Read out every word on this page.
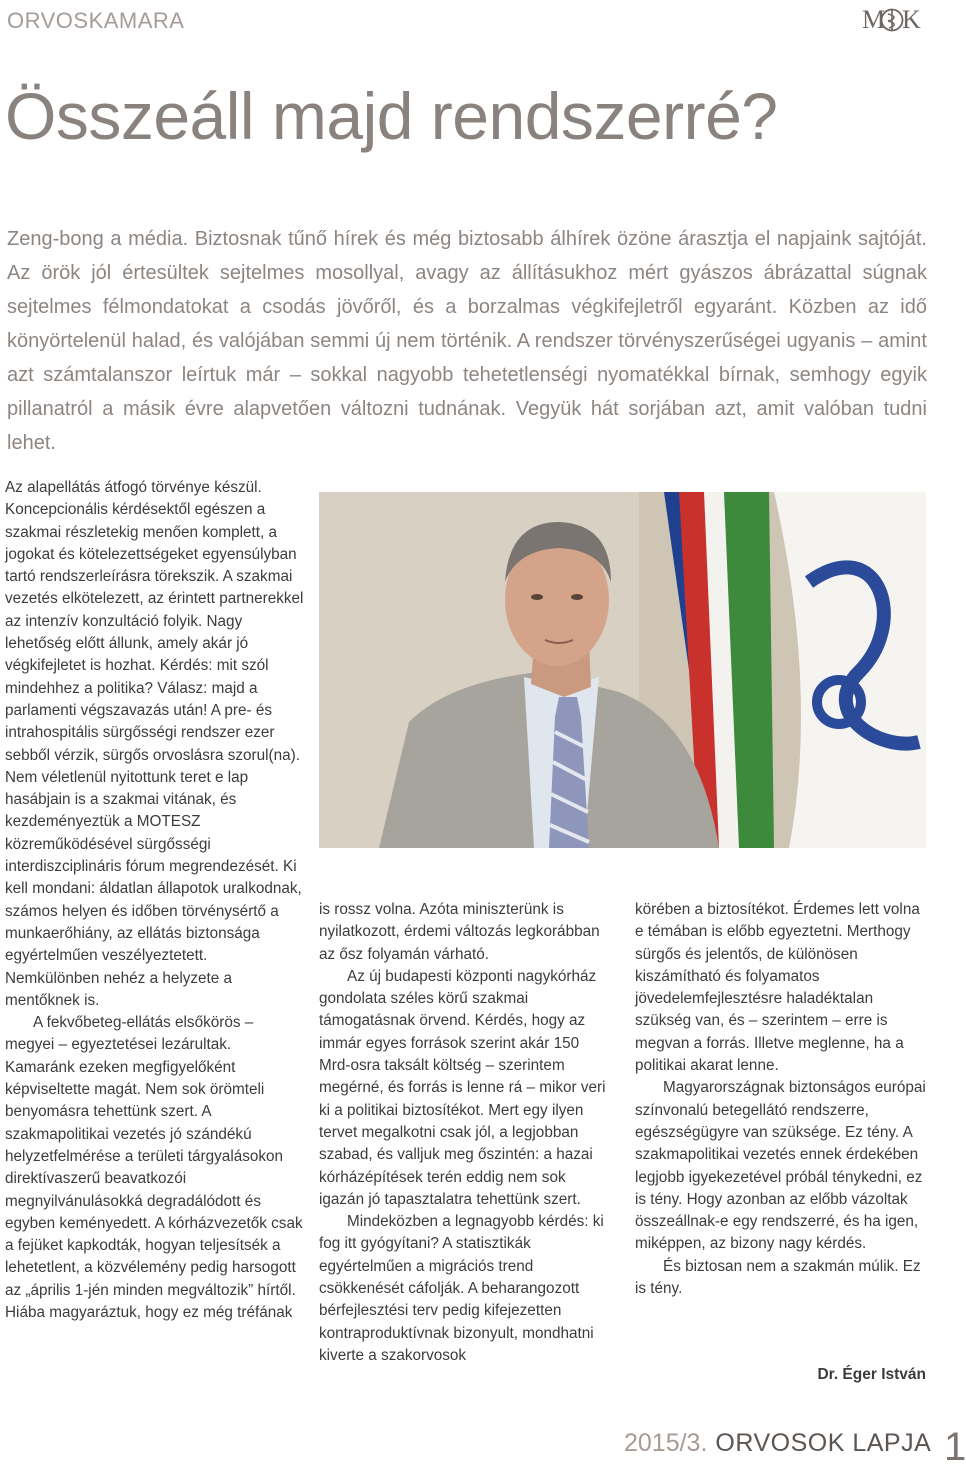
ORVOSKAMARA	M K
Összeáll majd rendszerré?

Zeng-bong a média. Biztosnak tűnő hírek és még biztosabb álhírek özöne árasztja el napjaink sajtóját. Az örök jól értesültek sejtelmes mosollyal, avagy az állításukhoz mért gyászos ábrázattal súgnak sejtelmes félmondatokat a csodás jövőről, és a borzalmas végkifejletről egyaránt. Közben az idő könyörtelenül halad, és valójában semmi új nem történik. A rendszer törvényszerűségei ugyanis – amint azt számtalanszor leírtuk már – sokkal nagyobb tehetetlenségi nyomatékkal bírnak, semhogy egyik pillanatról a másik évre alapvetően változni tudnának. Vegyük hát sorjában azt, amit valóban tudni lehet.

Az alapellátás átfogó törvénye készül. Koncepcionális kérdésektől egészen a szakmai részletekig menően komplett, a jogokat és kötelezettségeket egyensúlyban tartó rendszerleírásra törekszik. A szakmai vezetés elkötelezett, az érintett partnerekkel az intenzív konzultáció folyik. Nagy lehetőség előtt állunk, amely akár jó végkifejletet is hozhat. Kérdés: mit szól mindehhez a politika? Válasz: majd a parlamenti végszavazás után! A pre- és intrahospitális sürgősségi rendszer ezer sebből vérzik, sürgős orvoslásra szorul(na). Nem véletlenül nyitottunk teret e lap hasábjain is a szakmai vitának, és kezdeményeztük a MOTESZ közreműködésével sürgősségi interdiszciplináris fórum megrendezését. Ki kell mondani: áldatlan állapotok uralkodnak, számos helyen és időben törvénysértő a munkaerőhiány, az ellátás biztonsága egyértelműen veszélyeztetett. Nemkülönben nehéz a helyzete a mentőknek is.

A fekvőbeteg-ellátás elsőkörös – megyei – egyeztetései lezárultak. Kamaránk ezeken megfigyelőként képviseltette magát. Nem sok örömteli benyomásra tehettünk szert. A szakmapolitikai vezetés jó szándékú helyzetfelmérése a területi tárgyalásokon direktívaszerű beavatkozói megnyilvánulásokká degradálódott és egyben keményedett. A kórházvezetők csak a fejüket kapkodták, hogyan teljesítsék a lehetetlent, a közvélemény pedig harsogott az „április 1-jén minden megváltozik” hírtől. Hiába magyaráztuk, hogy ez még tréfának

is rossz volna. Azóta miniszterünk is nyilatkozott, érdemi változás legkorábban az ősz folyamán várható.

Az új budapesti központi nagykórház gondolata széles körű szakmai támogatásnak örvend. Kérdés, hogy az immár egyes források szerint akár 150 Mrd-osra taksált költség – szerintem megérné, és forrás is lenne rá – mikor veri ki a politikai biztosítékot. Mert egy ilyen tervet megalkotni csak jól, a legjobban szabad, és valljuk meg őszintén: a hazai kórházépítések terén eddig nem sok igazán jó tapasztalatra tehettünk szert.

Mindeközben a legnagyobb kérdés: ki fog itt gyógyítani? A statisztikák egyértelműen a migrációs trend csökkenését cáfolják. A beharangozott bérfejlesztési terv pedig kifejezetten kontraproduktívnak bizonyult, mondhatni kiverte a szakorvosok

körében a biztosítékot. Érdemes lett volna e témában is előbb egyeztetni. Merthogy sürgős és jelentős, de különösen kiszámítható és folyamatos jövedelemfejlesztésre haladéktalan szükség van, és – szerintem – erre is megvan a forrás. Illetve meglenne, ha a politikai akarat lenne.

Magyarországnak biztonságos európai színvonalú betegellátó rendszerre, egészségügyre van szüksége. Ez tény. A szakmapolitikai vezetés ennek érdekében legjobb igyekezetével próbál ténykedni, ez is tény. Hogy azonban az előbb vázoltak összeállnak-e egy rendszerré, és ha igen, miképpen, az bizony nagy kérdés.

És biztosan nem a szakmán múlik. Ez is tény.

Dr. Éger István
2015/3. ORVOSOK LAPJA 1
